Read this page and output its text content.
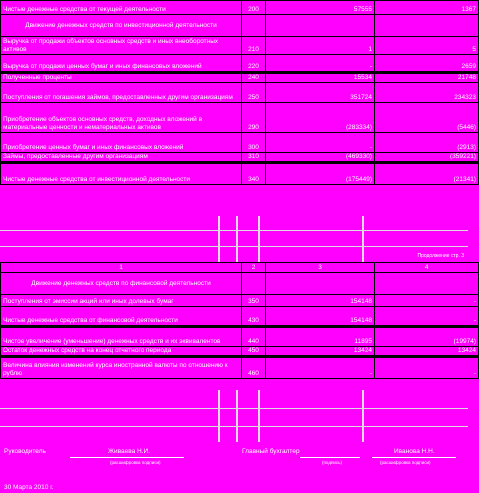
Чистые денежные средства от текущей деятельности	200	57555	1367
Движение денежных средств по инвестиционной деятельности			
Выручка от продажи объектов основных средств и иных внеоборотных активов	210	1	5
Выручка от продажи ценных бумаг и иных финансовых вложений	220	-	2659
Полученные проценты	240	15534	21748
Поступления от погашения займов, предоставленных другим организациям	250	351724	234323
Приобретение объектов основных средств, доходных вложений в материальные ценности и нематериальных активов	290	(283334)	(5446)
Приобретение ценных бумаг и иных финансовых вложений	300	-	(2913)
Займы, предоставленные другим организациям	310	(469330)	(359221)
Чистые денежные средства от инвестиционной деятельности	340	(175449)	(21341)
Продолжение стр. 3
1	2	3	4
Движение денежных средств по финансовой деятельности			
Поступления от эмиссии акций или иных долевых бумаг	350	154148	-
Чистые денежные средства от финансовой деятельности	430	154148	-
Чистое увеличение (уменьшение) денежных средств и их эквивалентов	440	11895	(19974)
Остаток денежных средств на конец отчетного периода	450	13424	13424
Величина влияния изменений курса иностранной валюты по отношению к рублю	460	-	-
Руководитель	Живаева Н.И.
(расшифровка подписи)
Главный бухгалтер
(подпись)
Иванова Н.Н.
(расшифровка подписи)
30 Марта 2010 г.
